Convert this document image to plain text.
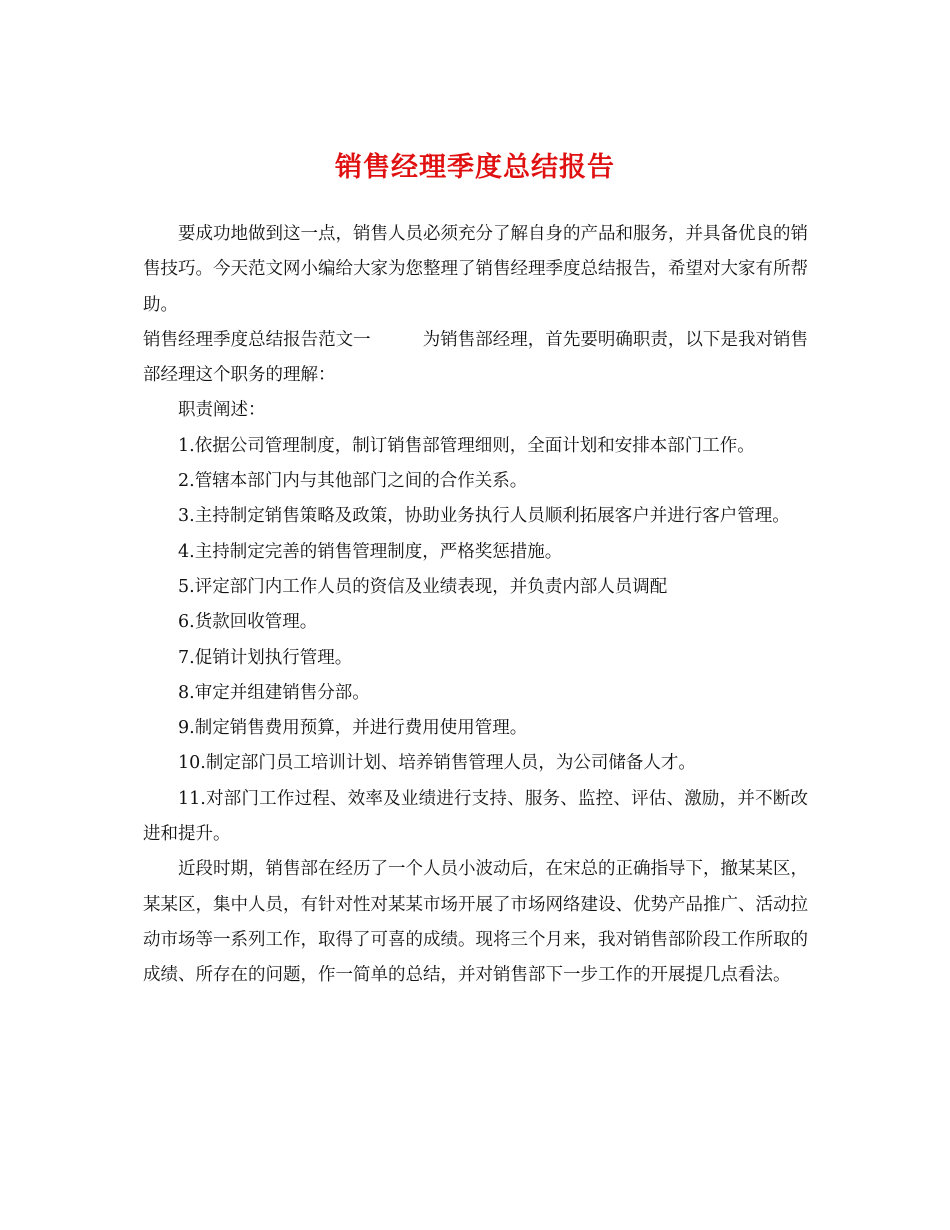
销售经理季度总结报告

要成功地做到这一点，销售人员必须充分了解自身的产品和服务，并具备优良的销售技巧。今天范文网小编给大家为您整理了销售经理季度总结报告，希望对大家有所帮助。

销售经理季度总结报告范文一	为销售部经理，首先要明确职责，以下是我对销售部经理这个职务的理解：

职责阐述：

1.依据公司管理制度，制订销售部管理细则，全面计划和安排本部门工作。

2.管辖本部门内与其他部门之间的合作关系。

3.主持制定销售策略及政策，协助业务执行人员顺利拓展客户并进行客户管理。

4.主持制定完善的销售管理制度，严格奖惩措施。

5.评定部门内工作人员的资信及业绩表现，并负责内部人员调配

6.货款回收管理。

7.促销计划执行管理。

8.审定并组建销售分部。

9.制定销售费用预算，并进行费用使用管理。

10.制定部门员工培训计划、培养销售管理人员，为公司储备人才。

11.对部门工作过程、效率及业绩进行支持、服务、监控、评估、激励，并不断改进和提升。

近段时期，销售部在经历了一个人员小波动后，在宋总的正确指导下，撤某某区，某某区，集中人员，有针对性对某某市场开展了市场网络建设、优势产品推广、活动拉动市场等一系列工作，取得了可喜的成绩。现将三个月来，我对销售部阶段工作所取的成绩、所存在的问题，作一简单的总结，并对销售部下一步工作的开展提几点看法。
